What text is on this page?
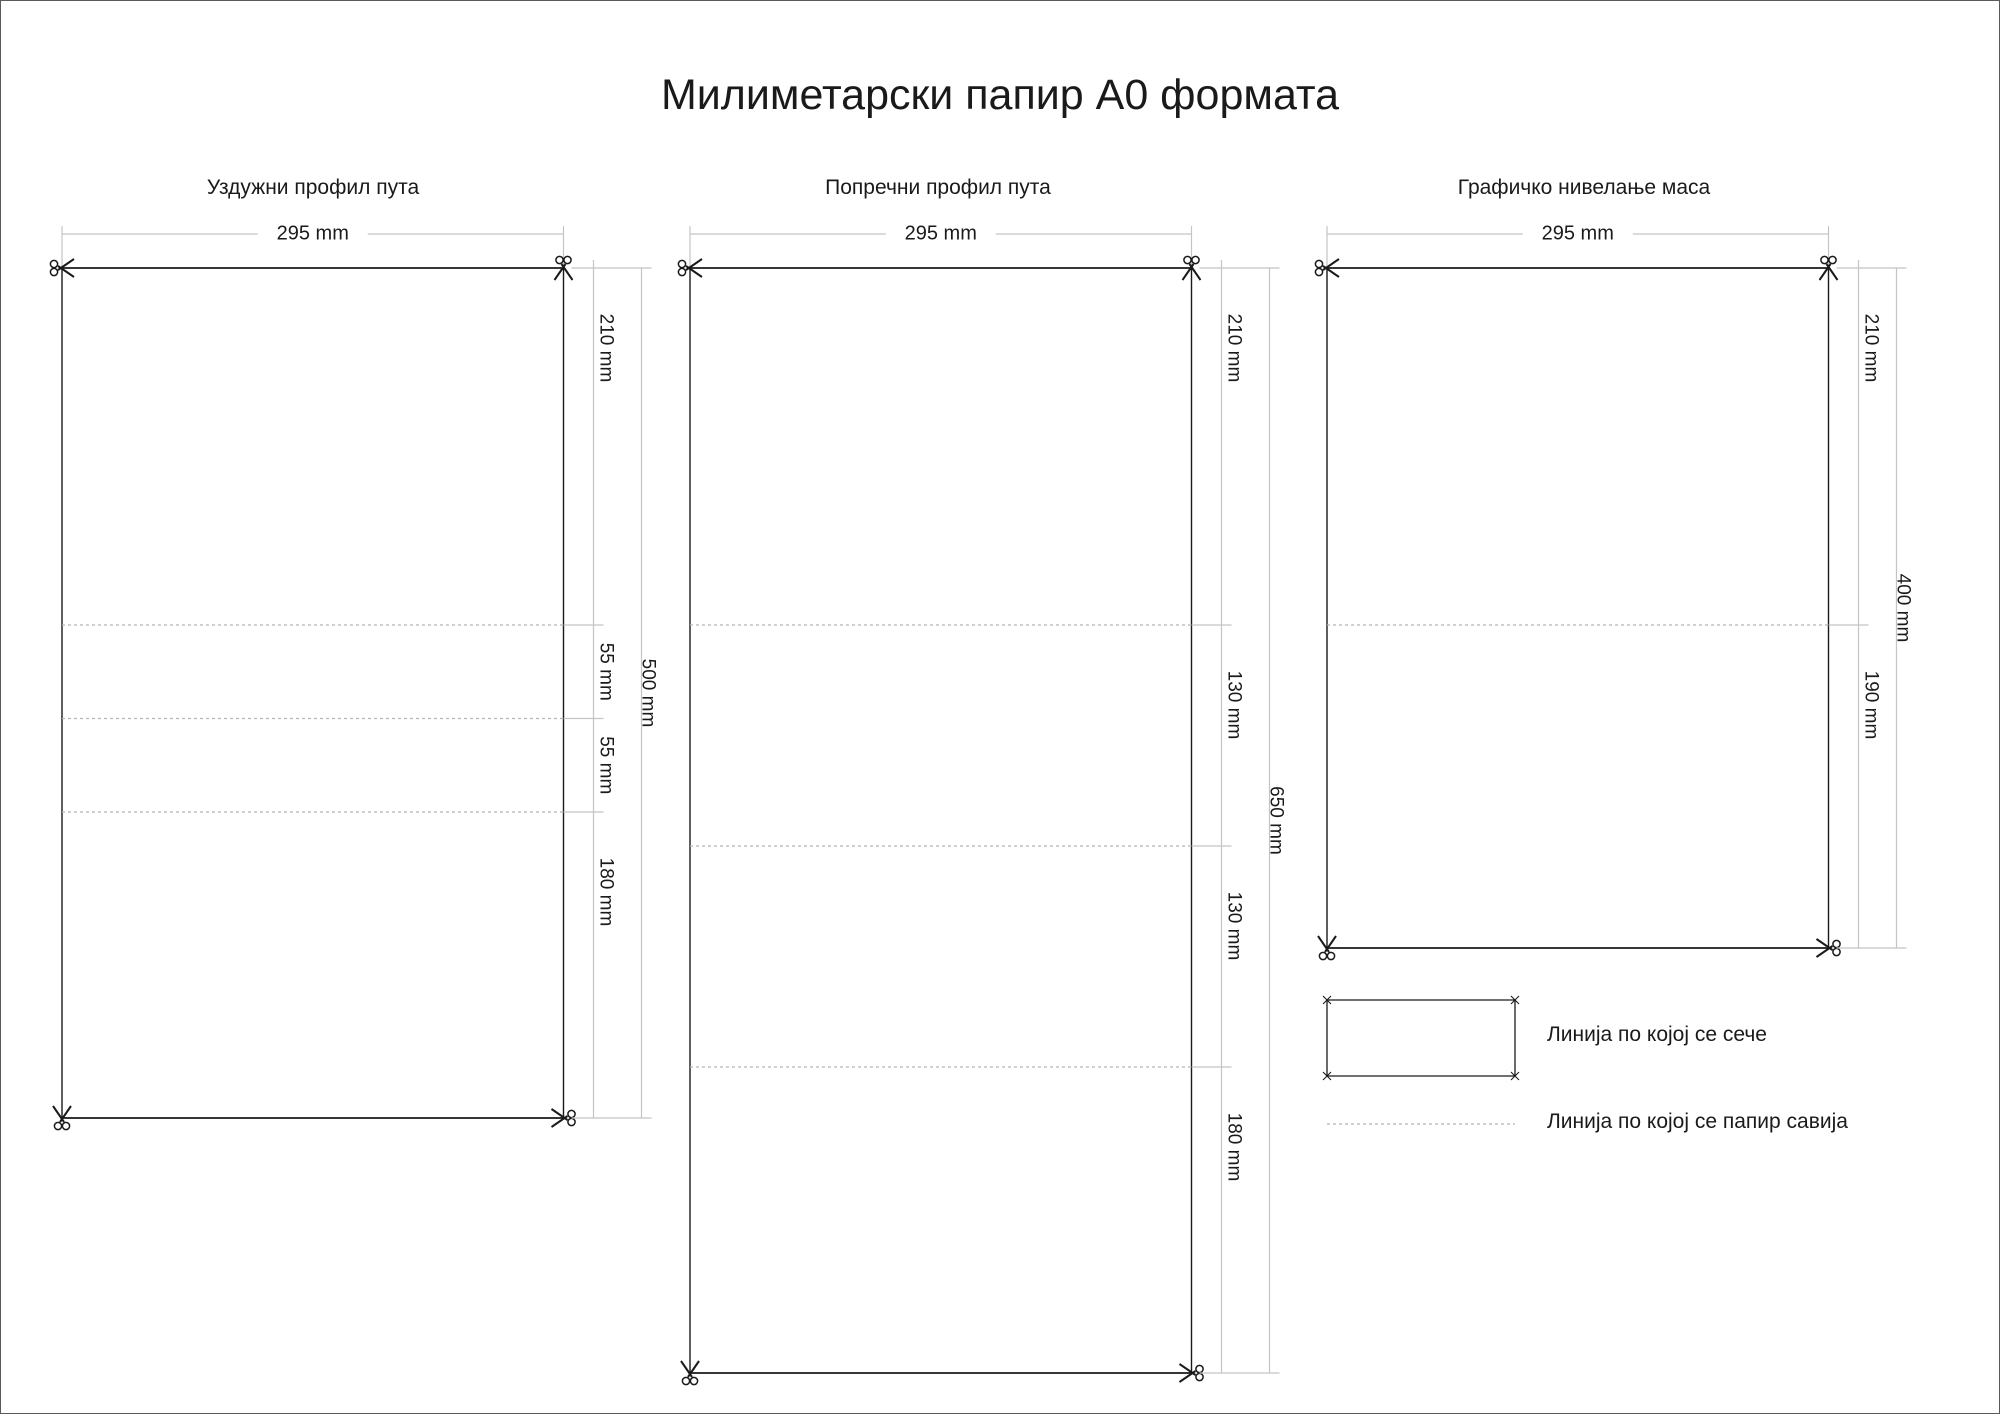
Милиметарски папир А0 формата
Уздужни профил пута	Попречни профил пута	Графичко нивелање маса
295 mm
210 mm
55 mm
55 mm
180 mm
500 mm
295 mm
210 mm
130 mm
130 mm
180 mm
650 mm
295 mm
210 mm
190 mm
400 mm
Линија по којој се сече
Линија по којој се папир савија
